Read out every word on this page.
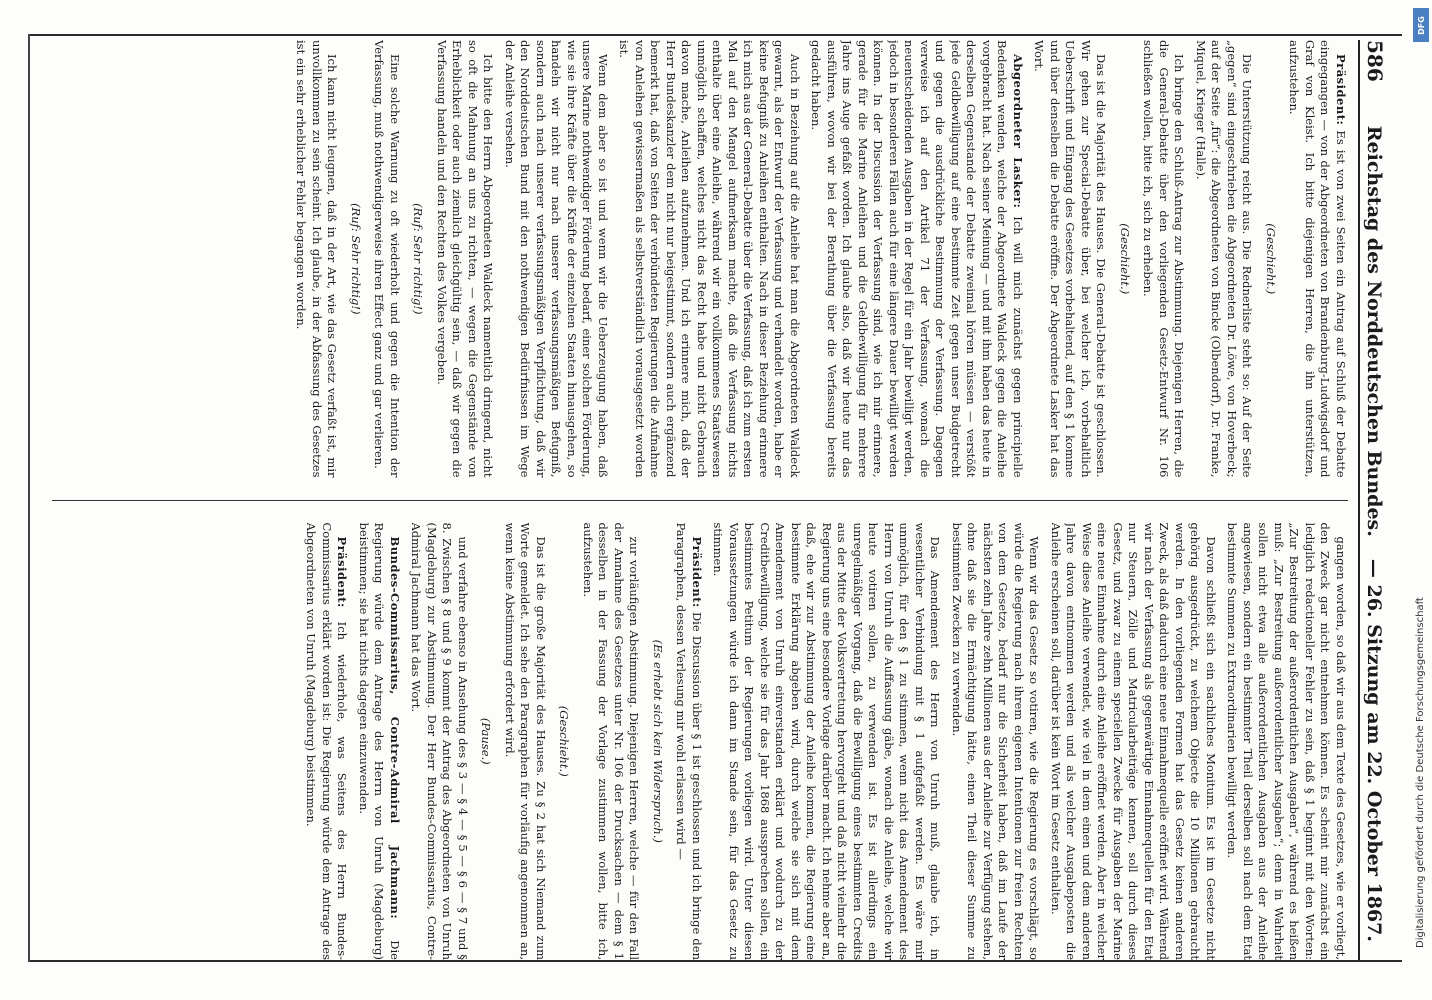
586
Reichstag des Norddeutschen Bundes.
— 26. Sitzung am 22. October 1867.

Präsident: Es ist von zwei Seiten ein Antrag auf Schluß der Debatte eingegangen — von der Abgeordneten von Brandenburg-Ludwigsdorf und Graf von Kleist. Ich bitte diejenigen Herren, die ihn unterstützen, aufzustehen.

(Geschieht.)

Die Unterstützung reicht aus. Die Rednerliste steht so: Auf der Seite „gegen“ sind eingeschrieben die Abgeordneten Dr. Löwe, von Hoverbeck; auf der Seite „für“: die Abgeordneten von Bincke (Olbendorf), Dr. Franke, Miquel, Krieger (Halle).

Ich bringe den Schluß-Antrag zur Abstimmung. Diejenigen Herren, die die General-Debatte über den vorliegenden Gesetz-Entwurf Nr. 106 schließen wollen, bitte ich, sich zu erheben.

(Geschieht.)

Das ist die Majorität des Hauses. Die General-Debatte ist geschlossen. Wir gehen zur Special-Debatte über, bei welcher ich, vorbehaltlich Ueberschrift und Eingang des Gesetzes vorbehaltend, auf den § 1 komme und über denselben die Debatte eröffne. Der Abgeordnete Lasker hat das Wort.

Abgeordneter Lasker: Ich will mich zunächst gegen principielle Bedenken wenden, welche der Abgeordnete Waldeck gegen die Anleihe vorgebracht hat. Nach seiner Meinung — und mit ihm haben das heute in derselben Gegenstande der Debatte zweimal hören müssen — verstößt jede Geldbewilligung auf eine bestimmte Zeit gegen unser Budgetrecht und gegen die ausdrückliche Bestimmung der Verfassung. Dagegen verweise ich auf den Artikel 71 der Verfassung, wonach die neuentscheidenden Ausgaben in der Regel für ein Jahr bewilligt werden, jedoch in besonderen Fällen auch für eine längere Dauer bewilligt werden können. In der Discussion der Verfassung sind, wie ich mir erinnere, gerade für die Marine Anleihen und die Geldbewilligung für mehrere Jahre ins Auge gefaßt worden. Ich glaube also, daß wir heute nur das ausführen, wovon wir bei der Berathung über die Verfassung bereits gedacht haben.

Auch in Beziehung auf die Anleihe hat man die Abgeordneten Waldeck gewarnt, als der Entwurf der Verfassung und verhandelt worden, habe er keine Befugniß zu Anleihen enthalten. Nach in dieser Beziehung erinnere ich mich aus der General-Debatte über die Verfassung, daß ich zum ersten Mal auf den Mangel aufmerksam machte, daß die Verfassung nichts enthalte über eine Anleihe, während wir ein vollkommenes Staatswesen unmöglich schaffen, welches nicht das Recht habe und nicht Gebrauch davon mache, Anleihen aufzunehmen. Und ich erinnere mich, daß der Herr Bundeskanzler dem nicht nur beigestimmt, sondern auch ergänzend bemerkt hat, daß von Seiten der verbündeten Regierungen die Aufnahme von Anleihen gewissermaßen als selbstverständlich vorausgesetzt worden ist.

Wenn dem aber so ist und wenn wir die Ueberzeugung haben, daß unsere Marine nothwendiger Förderung bedarf, einer solchen Förderung, wie sie ihre Kräfte über die Kräfte der einzelnen Staaten hinausgehen, so handeln wir nicht nur nach unserer verfassungsmäßigen Befugniß, sondern auch nach unserer verfassungsmäßigen Verpflichtung, daß wir den Norddeutschen Bund mit den nothwendigen Bedürfnissen im Wege der Anleihe versehen.

Ich bitte den Herrn Abgeordneten Waldeck namentlich dringend, nicht so oft die Mahnung an uns zu richten, — wegen die Gegenstände von Erheblichkeit oder auch ziemlich gleichgültig sein, — daß wir gegen die Verfassung handeln und den Rechten des Volkes vergeben.

(Ruf: Sehr richtig!)

Eine solche Warnung zu oft wiederholt und gegen die Intention der Verfassung, muß nothwendigerweise ihren Effect ganz und gar verlieren.

(Ruf: Sehr richtig!)

Ich kann nicht leugnen, daß in der Art, wie das Gesetz verfaßt ist, mir unvollkommen zu sein scheint. Ich glaube, in der Abfassung des Gesetzes ist ein sehr erheblicher Fehler begangen worden.

gangen worden, so daß wir aus dem Texte des Gesetzes, wie er vorliegt, den Zweck gar nicht entnehmen können. Es scheint mir zunächst ein lediglich redactioneller Fehler zu sein, daß § 1 beginnt mit den Worten: „Zur Bestreitung der außerordentlichen Ausgaben“, während es heißen muß: „Zur Bestreitung außerordentlicher Ausgaben“; denn in Wahrheit sollen nicht etwa alle außerordentlichen Ausgaben aus der Anleihe angewiesen, sondern ein bestimmter Theil derselben soll nach dem Etat bestimmte Summen zu Extraordinarien bewilligt werden.

Davon schließt sich ein sachliches Monitum. Es ist im Gesetze nicht gehörig ausgedrückt, zu welchem Objecte die 10 Millionen gebraucht werden. In den vorliegenden Formen hat das Gesetz keinen anderen Zweck, als daß dadurch eine neue Einnahmequelle eröffnet wird. Während wir nach der Verfassung als gegenwärtige Einnahmequellen für den Etat nur Steuern, Zölle und Matricularbeiträge kennen, soll durch dieses Gesetz, und zwar zu einem speciellen Zwecke für Ausgaben der Marine eine neue Einnahme durch eine Anleihe eröffnet werden. Aber in welcher Weise diese Anleihe verwendet, wie viel in dem einen und dem anderen Jahre davon entnommen werden und als welcher Ausgabeposten die Anleihe erscheinen soll, darüber ist kein Wort im Gesetz enthalten.

Wenn wir das Gesetz so votiren, wie die Regierung es vorschlägt, so würde die Regierung nach ihrem eigenen Intentionen zur freien Rechten von dem Gesetze, bedarf nur die Sicherheit haben, daß im Laufe der nächsten zehn Jahre zehn Millionen aus der Anleihe zur Verfügung stehen, ohne daß sie die Ermächtigung hätte, einen Theil dieser Summe zu bestimmten Zwecken zu verwenden.

Das Amendement des Herrn von Unruh muß, glaube ich, in wesentlicher Verbindung mit § 1 aufgefaßt werden. Es wäre mir unmöglich, für den § 1 zu stimmen, wenn nicht das Amendement des Herrn von Unruh die Auffassung gäbe, wonach die Anleihe, welche wir heute votiren sollen, zu verwenden ist. Es ist allerdings ein unregelmäßiger Vorgang, daß die Bewilligung eines bestimmten Credits aus der Mitte der Volksvertretung hervorgeht und daß nicht vielmehr die Regierung uns eine besondere Vorlage darüber macht. Ich nehme aber an, daß, ehe wir zur Abstimmung der Anleihe kommen, die Regierung eine bestimmte Erklärung abgeben wird, durch welche sie sich mit dem Amendement von Unruh einverstanden erklärt und wodurch zu der Creditbewilligung, welche sie für das Jahr 1868 aussprechen sollen, ein bestimmtes Petitum der Regierungen vorliegen wird. Unter diesen Voraussetzungen würde ich dann im Stande sein, für das Gesetz zu stimmen.

Präsident: Die Discussion über § 1 ist geschlossen und ich bringe den Paragraphen, dessen Verlesung mir wohl erlassen wird —

(Es erhebt sich kein Widerspruch.)

zur vorläufigen Abstimmung. Diejenigen Herren, welche — für den Fall der Annahme des Gesetzes unter Nr. 106 der Drucksachen — dem § 1 desselben in der Fassung der Vorlage zustimmen wollen, bitte ich, aufzustehen.

(Geschieht.)

Das ist die große Majorität des Hauses. Zu § 2 hat sich Niemand zum Worte gemeldet. Ich sehe den Paragraphen für vorläufig angenommen an, wenn keine Abstimmung erfordert wird.

(Pause.)

und verfahre ebenso in Ansehung des § 3 — § 4 — § 5 — § 6 — § 7 und § 8. Zwischen § 8 und § 9 kommt der Antrag des Abgeordneten von Unruh (Magdeburg) zur Abstimmung. Der Herr Bundes-Commissarius, Contre-Admiral Jachmann hat das Wort.

Bundes-Commissarius, Contre-Admiral Jachmann: Die Regierung würde dem Antrage des Herrn von Unruh (Magdeburg) beistimmen; sie hat nichts dagegen einzuwenden.

Präsident: Ich wiederhole, was Seitens des Herrn Bundes-Commissarius erklärt worden ist: Die Regierung würde dem Antrage des Abgeordneten von Unruh (Magdeburg) beistimmen.

DFG
Digitalisierung gefördert durch die Deutsche Forschungsgemeinschaft
